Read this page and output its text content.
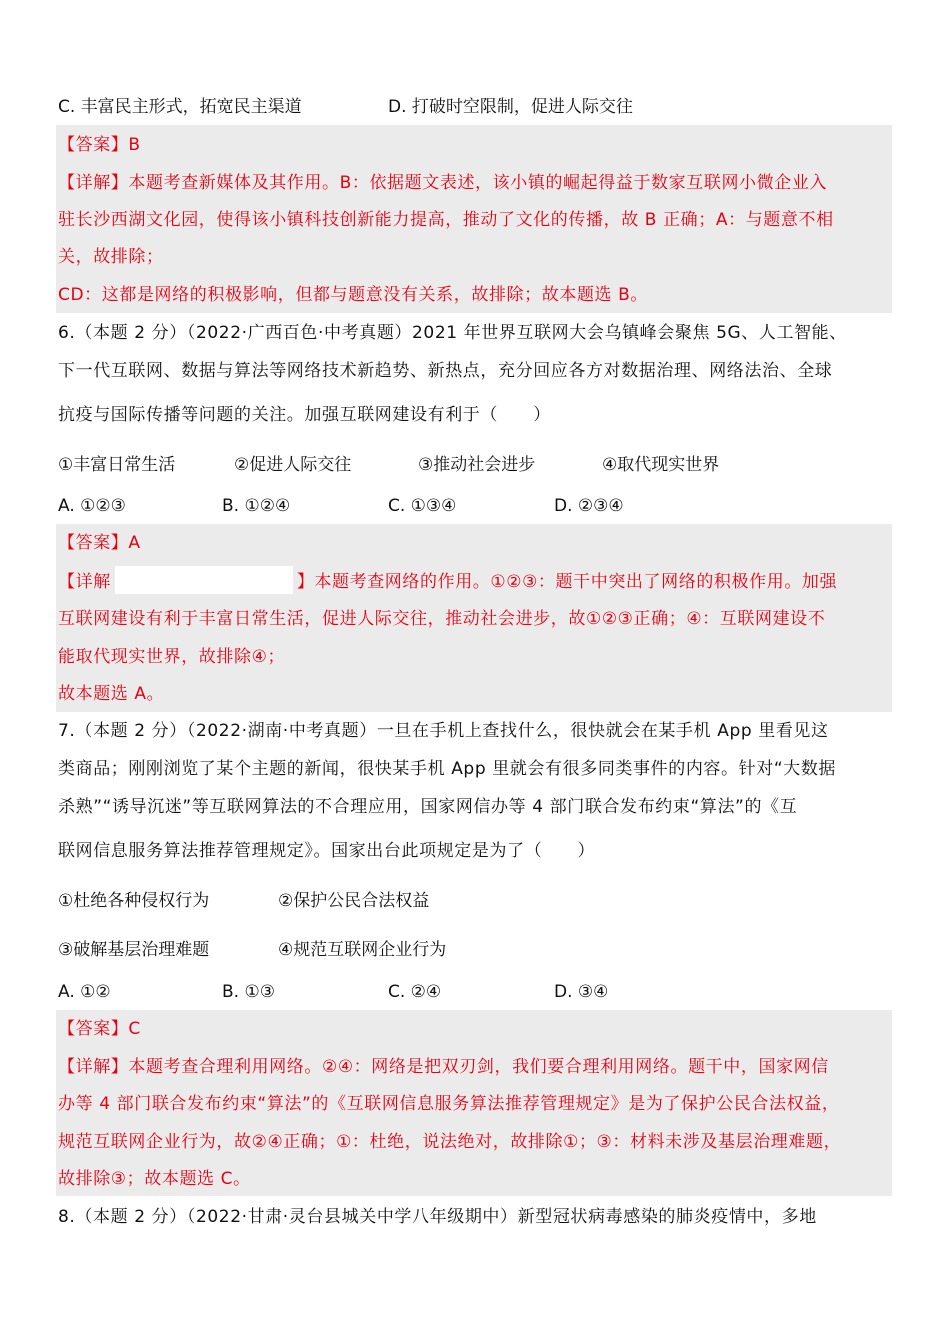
C. 丰富民主形式，拓宽民主渠道	D. 打破时空限制，促进人际交往
【答案】B
【详解】本题考查新媒体及其作用。B：依据题文表述，该小镇的崛起得益于数家互联网小微企业入
驻长沙西湖文化园，使得该小镇科技创新能力提高，推动了文化的传播，故 B 正确；A：与题意不相
关，故排除；
CD：这都是网络的积极影响，但都与题意没有关系，故排除；故本题选 B。
6.（本题 2 分）（2022·广西百色·中考真题）2021 年世界互联网大会乌镇峰会聚焦 5G、人工智能、
下一代互联网、数据与算法等网络技术新趋势、新热点，充分回应各方对数据治理、网络法治、全球
抗疫与国际传播等问题的关注。加强互联网建设有利于（　　）
①丰富日常生活	②促进人际交往	③推动社会进步	④取代现实世界
A. ①②③	B. ①②④	C. ①③④	D. ②③④
【答案】A
【详解	】本题考查网络的作用。①②③：题干中突出了网络的积极作用。加强
互联网建设有利于丰富日常生活，促进人际交往，推动社会进步，故①②③正确；④：互联网建设不
能取代现实世界，故排除④；
故本题选 A。
7.（本题 2 分）（2022·湖南·中考真题）一旦在手机上查找什么，很快就会在某手机 App 里看见这
类商品；刚刚浏览了某个主题的新闻，很快某手机 App 里就会有很多同类事件的内容。针对“大数据
杀熟”“诱导沉迷”等互联网算法的不合理应用，国家网信办等 4 部门联合发布约束“算法”的《互
联网信息服务算法推荐管理规定》。国家出台此项规定是为了（　　）
①杜绝各种侵权行为	②保护公民合法权益
③破解基层治理难题	④规范互联网企业行为
A. ①②	B. ①③	C. ②④	D. ③④
【答案】C
【详解】本题考查合理利用网络。②④：网络是把双刃剑，我们要合理利用网络。题干中，国家网信
办等 4 部门联合发布约束“算法”的《互联网信息服务算法推荐管理规定》是为了保护公民合法权益，
规范互联网企业行为，故②④正确；①：杜绝，说法绝对，故排除①；③：材料未涉及基层治理难题，
故排除③；故本题选 C。
8.（本题 2 分）（2022·甘肃·灵台县城关中学八年级期中）新型冠状病毒感染的肺炎疫情中，多地
